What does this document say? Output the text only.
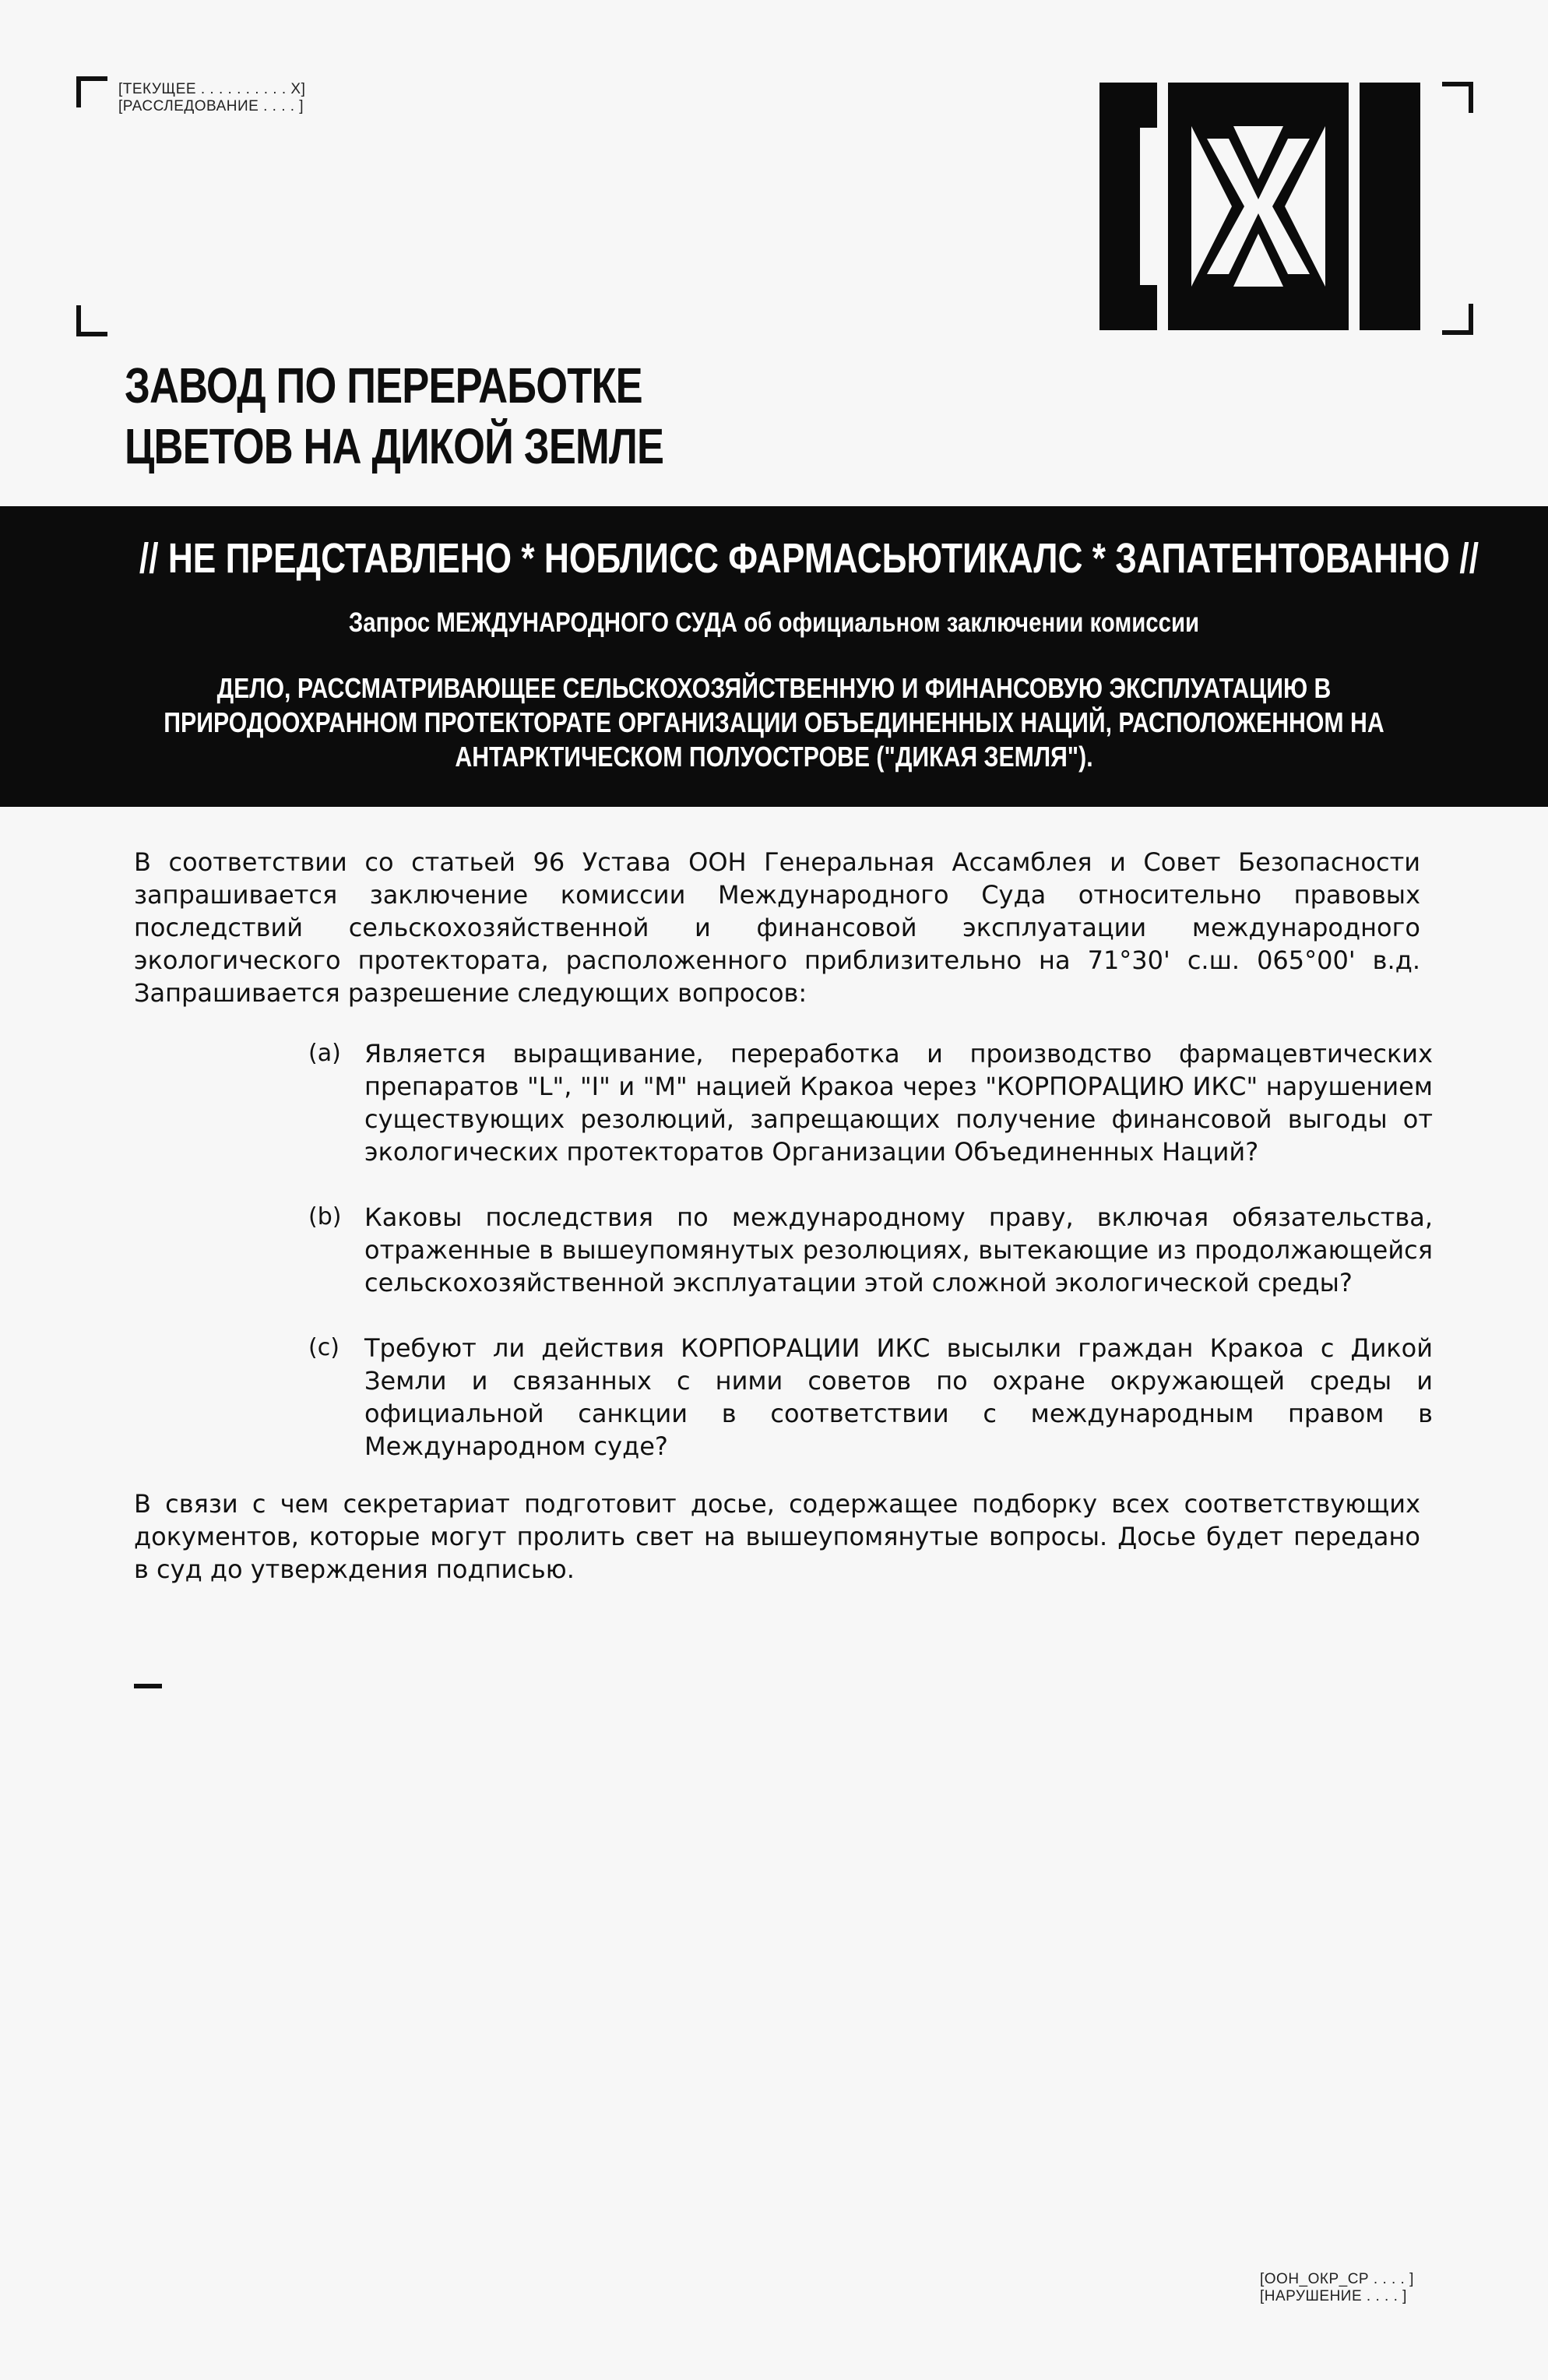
[ТЕКУЩЕЕ . . . . . . . . . . X]
[РАССЛЕДОВАНИЕ . . . . ]
ЗАВОД ПО ПЕРЕРАБОТКЕ
ЦВЕТОВ НА ДИКОЙ ЗЕМЛЕ
// НЕ ПРЕДСТАВЛЕНО * НОБЛИСС ФАРМАСЬЮТИКАЛС * ЗАПАТЕНТОВАННО //
Запрос МЕЖДУНАРОДНОГО СУДА об официальном заключении комиссии
ДЕЛО, РАССМАТРИВАЮЩЕЕ СЕЛЬСКОХОЗЯЙСТВЕННУЮ И ФИНАНСОВУЮ ЭКСПЛУАТАЦИЮ В
ПРИРОДООХРАННОМ ПРОТЕКТОРАТЕ ОРГАНИЗАЦИИ ОБЪЕДИНЕННЫХ НАЦИЙ, РАСПОЛОЖЕННОМ НА
АНТАРКТИЧЕСКОМ ПОЛУОСТРОВЕ ("ДИКАЯ ЗЕМЛЯ").

В соответствии со статьей 96 Устава ООН Генеральная Ассамблея и Совет Безопасности запрашивается заключение комиссии Международного Суда относительно правовых последствий сельскохозяйственной и финансовой эксплуатации международного экологического протектората, расположенного приблизительно на 71°30' с.ш. 065°00' в.д. Запрашивается разрешение следующих вопросов:

(a) Является выращивание, переработка и производство фармацевтических препаратов "L", "I" и "M" нацией Кракоа через "КОРПОРАЦИЮ ИКС" нарушением существующих резолюций, запрещающих получение финансовой выгоды от экологических протекторатов Организации Объединенных Наций?
(b) Каковы последствия по международному праву, включая обязательства, отраженные в вышеупомянутых резолюциях, вытекающие из продолжающейся сельскохозяйственной эксплуатации этой сложной экологической среды?
(c) Требуют ли действия КОРПОРАЦИИ ИКС высылки граждан Кракоа с Дикой Земли и связанных с ними советов по охране окружающей среды и официальной санкции в соответствии с международным правом в Международном суде?

В связи с чем секретариат подготовит досье, содержащее подборку всех соответствующих документов, которые могут пролить свет на вышеупомянутые вопросы. Досье будет передано в суд до утверждения подписью.

[ООН_ОКР_СР . . . . ]
[НАРУШЕНИЕ . . . . ]
